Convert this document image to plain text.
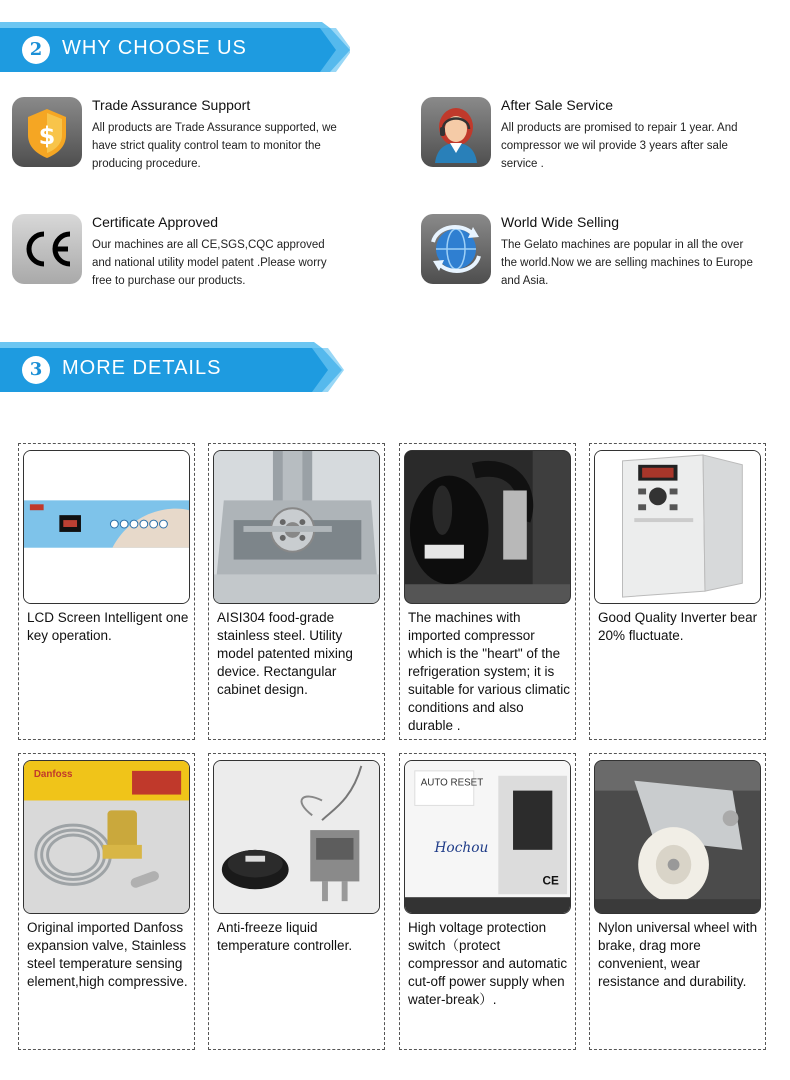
2 WHY CHOOSE US
$
Trade Assurance Support
All products are Trade Assurance supported, we have strict quality control team to monitor the producing procedure.
After Sale Service
All products are promised to repair 1 year. And compressor we wil provide 3 years after sale service .
Certificate Approved
Our machines are all CE,SGS,CQC approved and national utility model patent .Please worry free to purchase our products.
World Wide Selling
The Gelato machines are popular in all the over the world.Now we are selling machines to Europe and Asia.
3 MORE DETAILS
LCD Screen Intelligent one key operation.
AISI304 food-grade stainless steel. Utility model patented mixing device. Rectangular cabinet design.
The machines with imported compressor which is the "heart" of the refrigeration system; it is suitable for various climatic conditions and also durable .
Good Quality Inverter bear 20% fluctuate.
Danfoss
Original imported Danfoss expansion valve, Stainless steel temperature sensing element,high compressive.
Anti-freeze liquid temperature controller.
AUTO RESET
Hochou
CE
High voltage protection switch（protect compressor and automatic cut-off power supply when water-break）.
Nylon universal wheel with brake, drag more convenient, wear resistance and durability.
